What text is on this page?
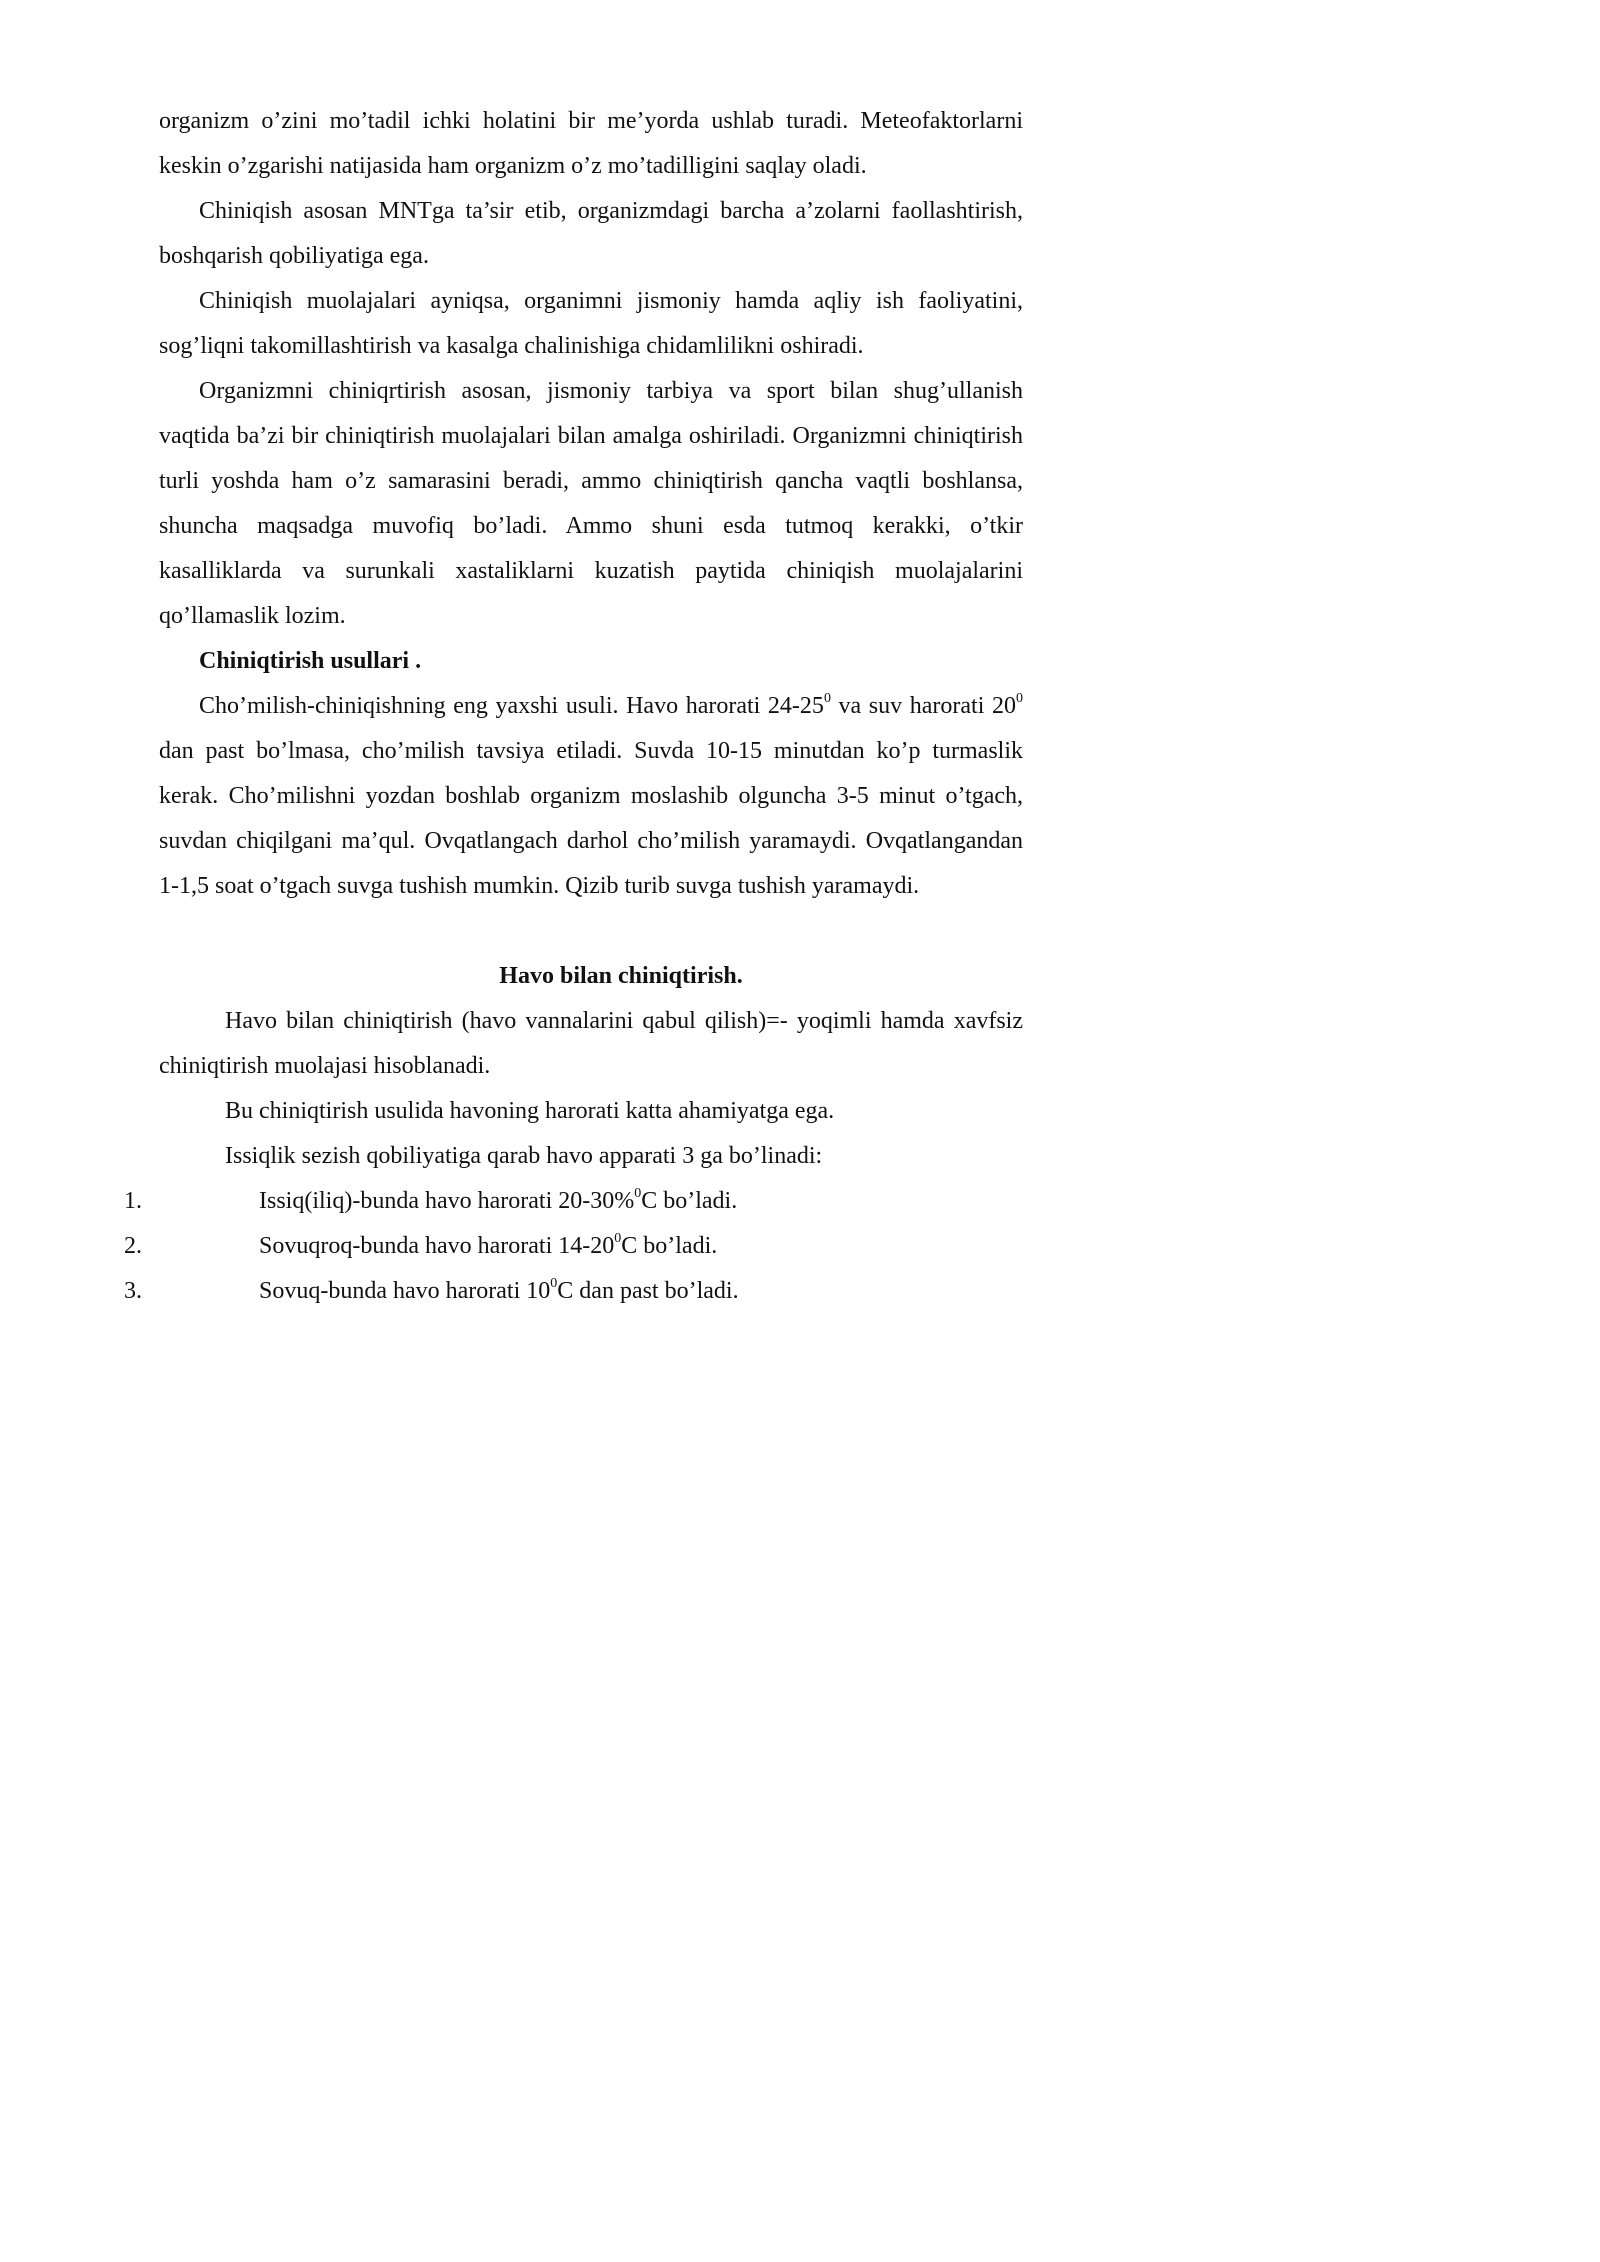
organizm o’zini mo’tadil ichki holatini bir me’yorda ushlab turadi. Meteofaktorlarni keskin o’zgarishi natijasida ham organizm o’z mo’tadilligini saqlay oladi.

Chiniqish asosan MNTga ta’sir etib, organizmdagi barcha a’zolarni faollashtirish, boshqarish qobiliyatiga ega.

Chiniqish muolajalari ayniqsa, organimni jismoniy hamda aqliy ish faoliyatini, sog’liqni takomillashtirish va kasalga chalinishiga chidamlilikni oshiradi.

Organizmni chiniqrtirish asosan, jismoniy tarbiya va sport bilan shug’ullanish vaqtida ba’zi bir chiniqtirish muolajalari bilan amalga oshiriladi. Organizmni chiniqtirish turli yoshda ham o’z samarasini beradi, ammo chiniqtirish qancha vaqtli boshlansa, shuncha maqsadga muvofiq bo’ladi. Ammo shuni esda tutmoq kerakki, o’tkir kasalliklarda va surunkali xastaliklarni kuzatish paytida chiniqish muolajalarini qo’llamaslik lozim.

Chiniqtirish usullari .

Cho’milish-chiniqishning eng yaxshi usuli. Havo harorati $24-25^0$ va suv harorati $20^0$ dan past bo’lmasa, cho’milish tavsiya etiladi. Suvda 10-15 minutdan ko’p turmaslik kerak. Cho’milishni yozdan boshlab organizm moslashib olguncha 3-5 minut o’tgach, suvdan chiqilgani ma’qul. Ovqatlangach darhol cho’milish yaramaydi. Ovqatlangandan 1-1,5 soat o’tgach suvga tushish mumkin. Qizib turib suvga tushish yaramaydi.

Havo bilan chiniqtirish.

Havo bilan chiniqtirish (havo vannalarini qabul qilish)=- yoqimli hamda xavfsiz chiniqtirish muolajasi hisoblanadi.

Bu chiniqtirish usulida havoning harorati katta ahamiyatga ega.

Issiqlik sezish qobiliyatiga qarab havo apparati 3 ga bo’linadi:

1.	Issiq(iliq)-bunda havo harorati 20-30%$^0$C bo’ladi.
2.	Sovuqroq-bunda havo harorati $14-20^0C$ bo’ladi.
3.	Sovuq-bunda havo harorati $10^0C$ dan past bo’ladi.
